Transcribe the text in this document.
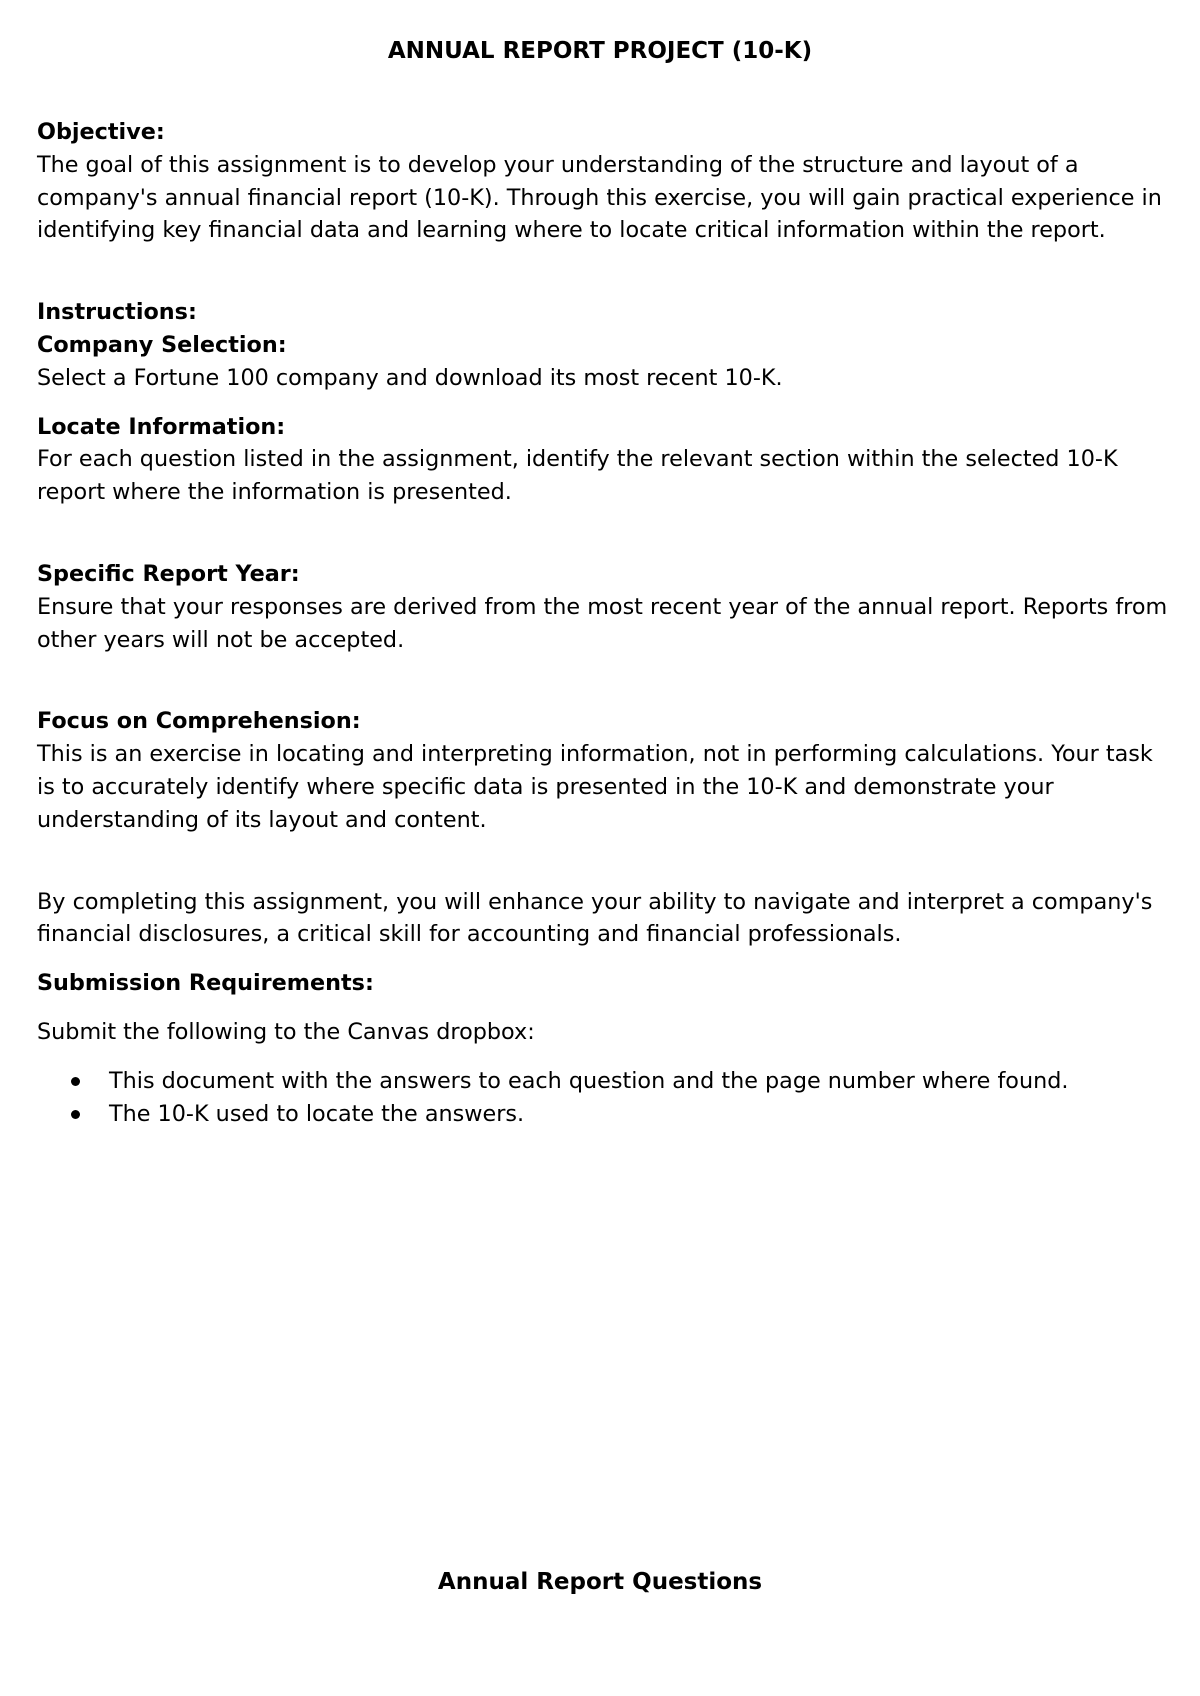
ANNUAL REPORT PROJECT (10-K)

Objective:

The goal of this assignment is to develop your understanding of the structure and layout of a company's annual financial report (10-K). Through this exercise, you will gain practical experience in identifying key financial data and learning where to locate critical information within the report.

Instructions:

Company Selection:

Select a Fortune 100 company and download its most recent 10-K.

Locate Information:

For each question listed in the assignment, identify the relevant section within the selected 10-K report where the information is presented.

Specific Report Year:

Ensure that your responses are derived from the most recent year of the annual report. Reports from other years will not be accepted.

Focus on Comprehension:

This is an exercise in locating and interpreting information, not in performing calculations. Your task is to accurately identify where specific data is presented in the 10-K and demonstrate your understanding of its layout and content.

By completing this assignment, you will enhance your ability to navigate and interpret a company's financial disclosures, a critical skill for accounting and financial professionals.

Submission Requirements:

Submit the following to the Canvas dropbox:

This document with the answers to each question and the page number where found.
The 10-K used to locate the answers.
Annual Report Questions
